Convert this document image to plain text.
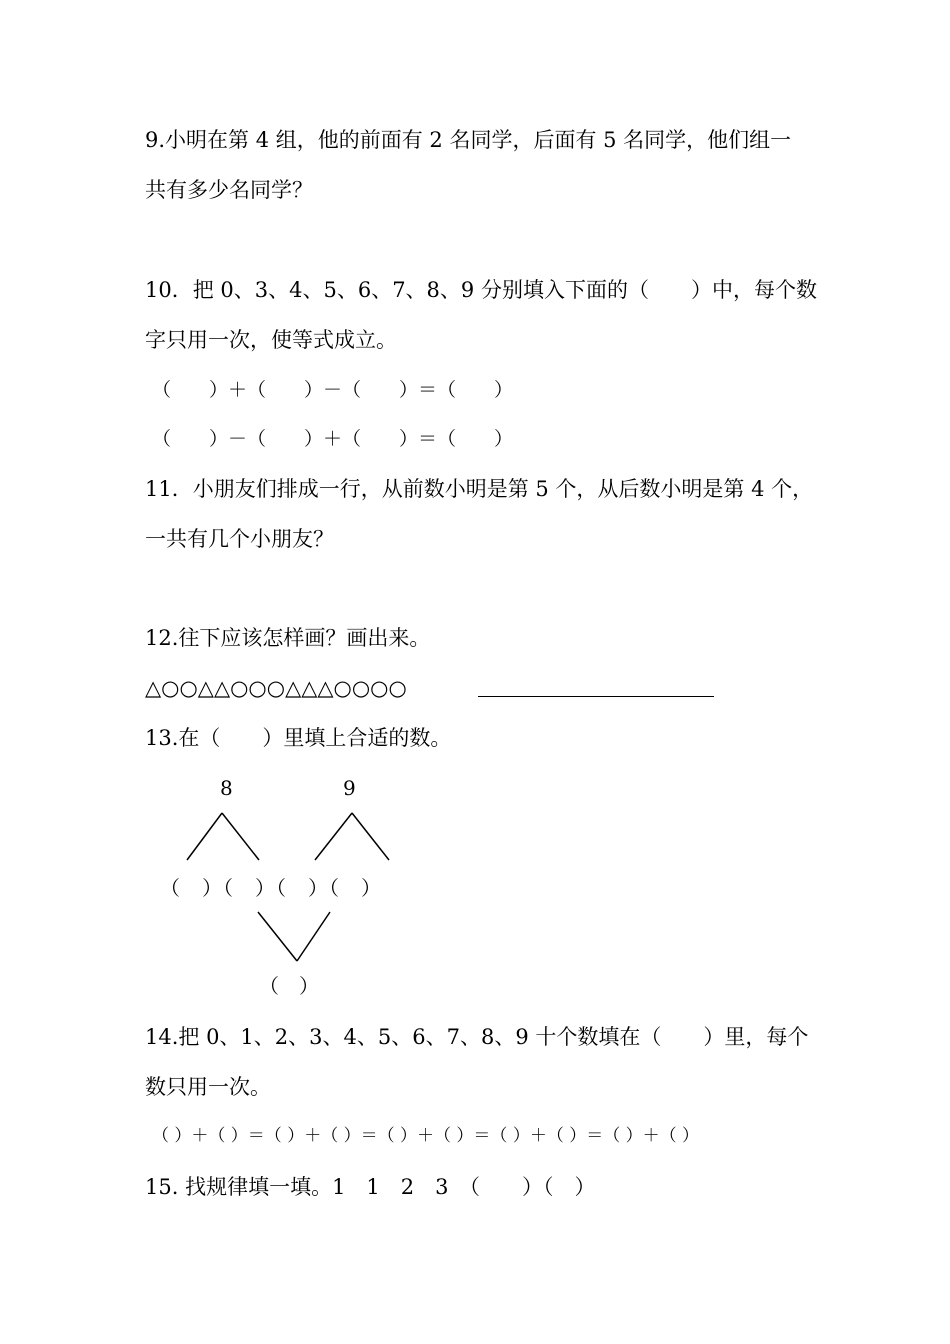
9.小明在第 4 组，他的前面有 2 名同学，后面有 5 名同学，他们组一
共有多少名同学？
10．把 0、3、4、5、6、7、8、9 分别填入下面的（　　）中，每个数
字只用一次，使等式成立。
（　　）＋（　　）－（　　）＝（　　）
（　　）－（　　）＋（　　）＝（　　）
11．小朋友们排成一行，从前数小明是第 5 个，从后数小明是第 4 个，
一共有几个小朋友？
12.往下应该怎样画？画出来。
△○○△△○○○△△△○○○○
13.在（　　）里填上合适的数。
8	9
（　）（　）（　）（　）
（　）
14.把 0、1、2、3、4、5、6、7、8、9 十个数填在（　　）里，每个
数只用一次。
（ ）＋（ ）＝（ ）＋（ ）＝（ ）＋（ ）＝（ ）＋（ ）＝（ ）＋（ ）
15. 找规律填一填。1　1　2　3　（　　）（　）
